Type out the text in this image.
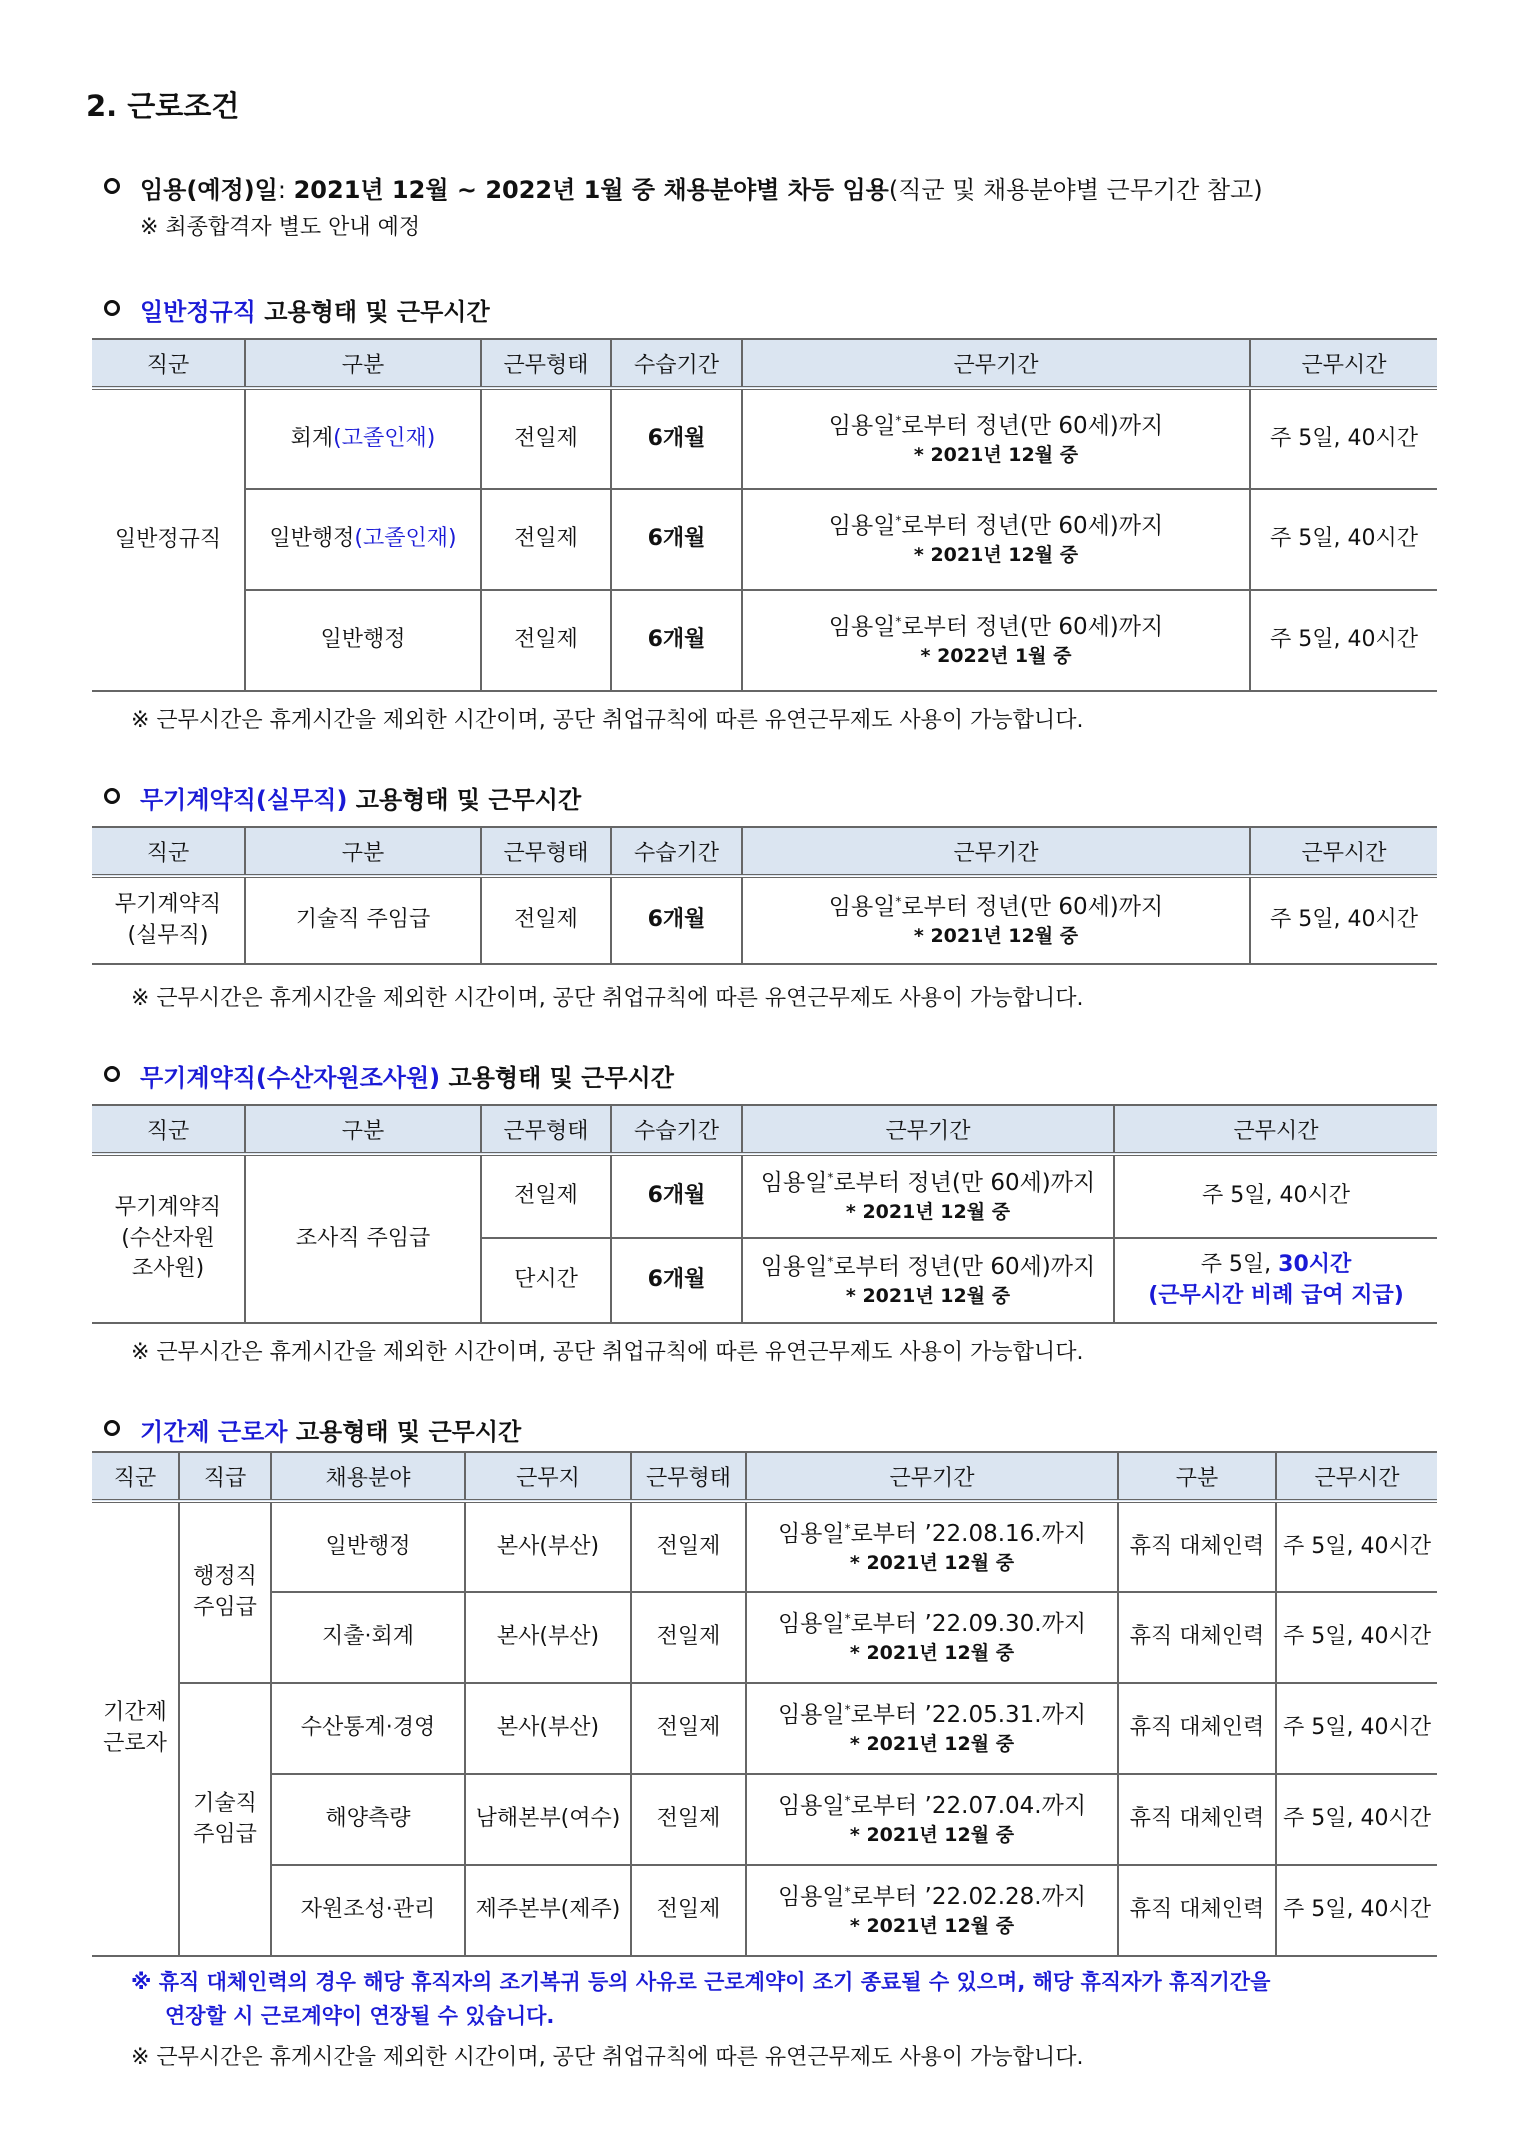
2. 근로조건
임용(예정)일: 2021년 12월 ~ 2022년 1월 중 채용분야별 차등 임용(직군 및 채용분야별 근무기간 참고)
※ 최종합격자 별도 안내 예정
일반정규직 고용형태 및 근무시간
직군	구분	근무형태	수습기간	근무기간	근무시간
일반정규직	회계(고졸인재)	전일제	6개월	임용일*로부터 정년(만 60세)까지
* 2021년 12월 중	주 5일, 40시간
	일반행정(고졸인재)	전일제	6개월	임용일*로부터 정년(만 60세)까지
* 2021년 12월 중	주 5일, 40시간
	일반행정	전일제	6개월	임용일*로부터 정년(만 60세)까지
* 2022년 1월 중	주 5일, 40시간
※ 근무시간은 휴게시간을 제외한 시간이며, 공단 취업규칙에 따른 유연근무제도 사용이 가능합니다.
무기계약직(실무직) 고용형태 및 근무시간
직군	구분	근무형태	수습기간	근무기간	근무시간
무기계약직
(실무직)	기술직 주임급	전일제	6개월	임용일*로부터 정년(만 60세)까지
* 2021년 12월 중	주 5일, 40시간
※ 근무시간은 휴게시간을 제외한 시간이며, 공단 취업규칙에 따른 유연근무제도 사용이 가능합니다.
무기계약직(수산자원조사원) 고용형태 및 근무시간
직군	구분	근무형태	수습기간	근무기간	근무시간
무기계약직
(수산자원
조사원)	조사직 주임급	전일제	6개월	임용일*로부터 정년(만 60세)까지
* 2021년 12월 중	주 5일, 40시간
		단시간	6개월	임용일*로부터 정년(만 60세)까지
* 2021년 12월 중	주 5일, 30시간
(근무시간 비례 급여 지급)
※ 근무시간은 휴게시간을 제외한 시간이며, 공단 취업규칙에 따른 유연근무제도 사용이 가능합니다.
기간제 근로자 고용형태 및 근무시간
직군	직급	채용분야	근무지	근무형태	근무기간	구분	근무시간
기간제
근로자	행정직
주임급	일반행정	본사(부산)	전일제	임용일*로부터 ’22.08.16.까지
* 2021년 12월 중	휴직 대체인력	주 5일, 40시간
		지출·회계	본사(부산)	전일제	임용일*로부터 ’22.09.30.까지
* 2021년 12월 중	휴직 대체인력	주 5일, 40시간
	기술직
주임급	수산통계·경영	본사(부산)	전일제	임용일*로부터 ’22.05.31.까지
* 2021년 12월 중	휴직 대체인력	주 5일, 40시간
		해양측량	남해본부(여수)	전일제	임용일*로부터 ’22.07.04.까지
* 2021년 12월 중	휴직 대체인력	주 5일, 40시간
		자원조성·관리	제주본부(제주)	전일제	임용일*로부터 ’22.02.28.까지
* 2021년 12월 중	휴직 대체인력	주 5일, 40시간
※ 휴직 대체인력의 경우 해당 휴직자의 조기복귀 등의 사유로 근로계약이 조기 종료될 수 있으며, 해당 휴직자가 휴직기간을
연장할 시 근로계약이 연장될 수 있습니다.
※ 근무시간은 휴게시간을 제외한 시간이며, 공단 취업규칙에 따른 유연근무제도 사용이 가능합니다.
